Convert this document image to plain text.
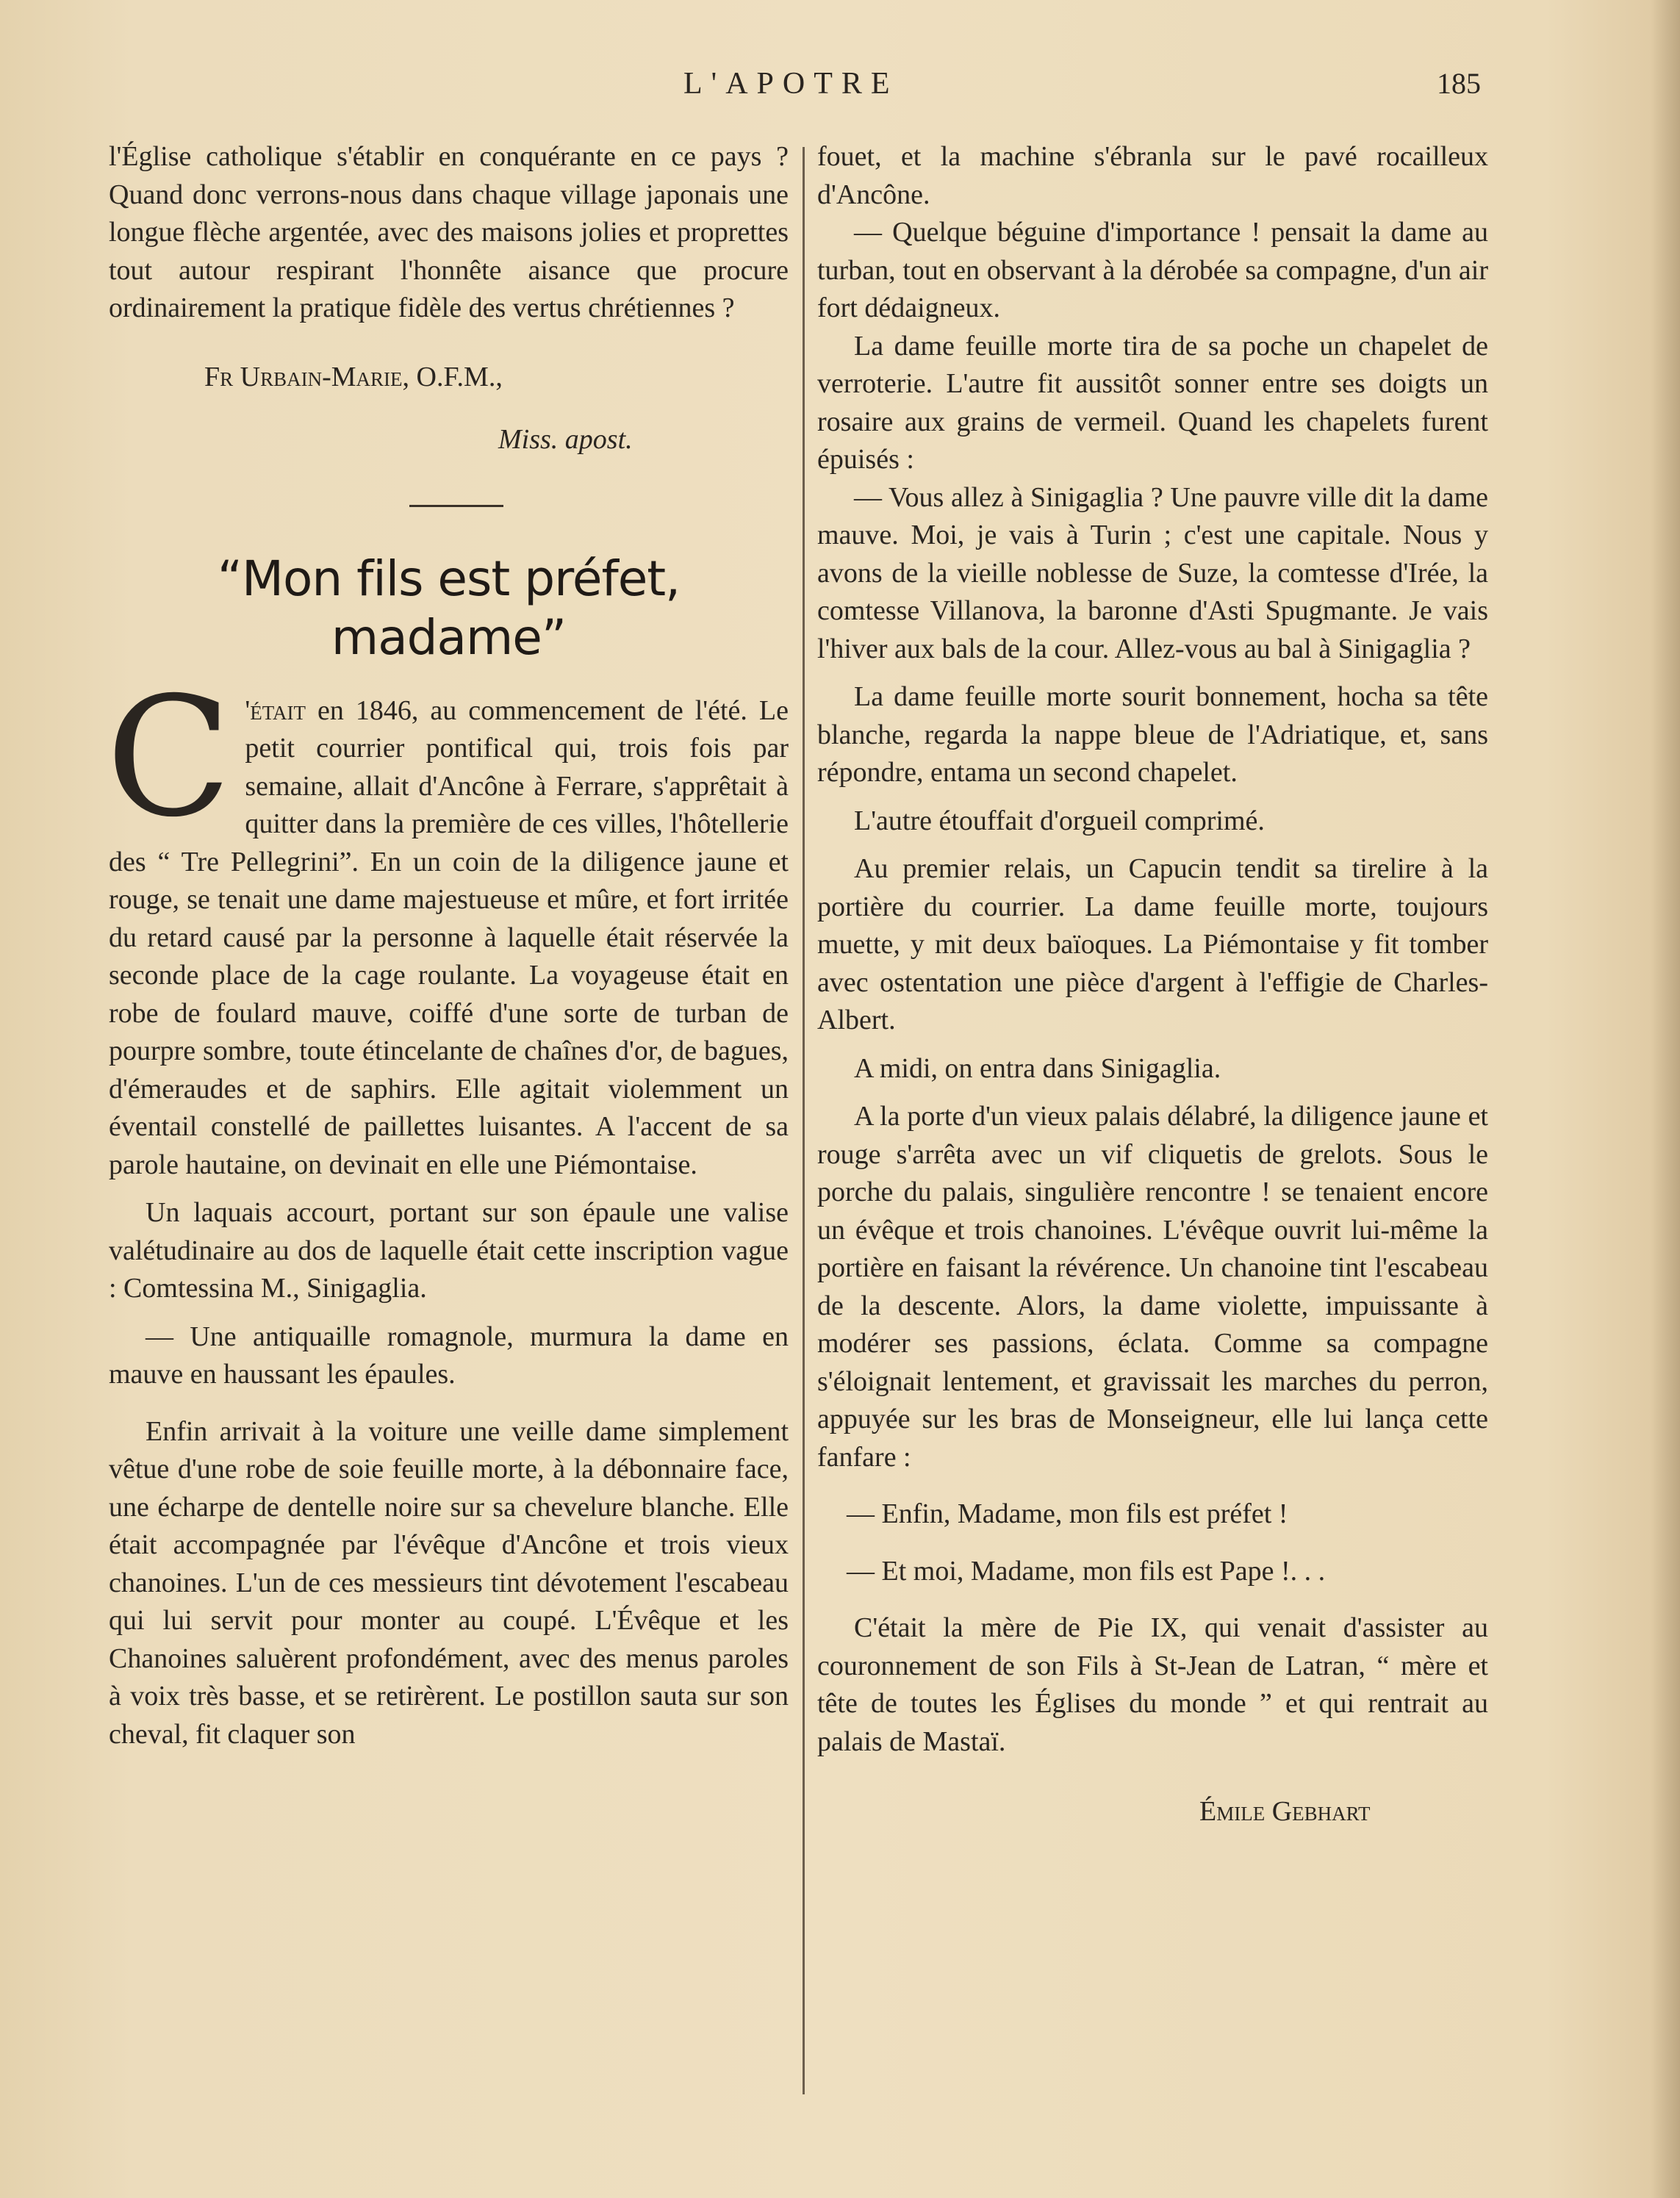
L'APOTRE	185

l'Église catholique s'établir en conquérante en ce pays ? Quand donc verrons-nous dans chaque village japonais une longue flèche argentée, avec des maisons jolies et proprettes tout autour respirant l'honnête aisance que procure ordinairement la pratique fidèle des vertus chrétiennes ?

Fr Urbain-Marie, O.F.M.,

Miss. apost.

“Mon fils est préfet, madame”

C 'était en 1846, au commencement de l'été. Le petit courrier pontifical qui, trois fois par semaine, allait d'Ancône à Ferrare, s'apprêtait à quitter dans la première de ces villes, l'hôtellerie des “ Tre Pellegrini”. En un coin de la diligence jaune et rouge, se tenait une dame majestueuse et mûre, et fort irritée du retard causé par la personne à laquelle était réservée la seconde place de la cage roulante. La voyageuse était en robe de foulard mauve, coiffé d'une sorte de turban de pourpre sombre, toute étincelante de chaînes d'or, de bagues, d'émeraudes et de saphirs. Elle agitait violemment un éventail constellé de paillettes luisantes. A l'accent de sa parole hautaine, on devinait en elle une Piémontaise.

Un laquais accourt, portant sur son épaule une valise valétudinaire au dos de laquelle était cette inscription vague : Comtessina M., Sinigaglia.

— Une antiquaille romagnole, murmura la dame en mauve en haussant les épaules.

Enfin arrivait à la voiture une veille dame simplement vêtue d'une robe de soie feuille morte, à la débonnaire face, une écharpe de dentelle noire sur sa chevelure blanche. Elle était accompagnée par l'évêque d'Ancône et trois vieux chanoines. L'un de ces messieurs tint dévotement l'escabeau qui lui servit pour monter au coupé. L'Évêque et les Chanoines saluèrent profondément, avec des menus paroles à voix très basse, et se retirèrent. Le postillon sauta sur son cheval, fit claquer son

fouet, et la machine s'ébranla sur le pavé rocailleux d'Ancône.

— Quelque béguine d'importance ! pensait la dame au turban, tout en observant à la dérobée sa compagne, d'un air fort dédaigneux.

La dame feuille morte tira de sa poche un chapelet de verroterie. L'autre fit aussitôt sonner entre ses doigts un rosaire aux grains de vermeil. Quand les chapelets furent épuisés :

— Vous allez à Sinigaglia ? Une pauvre ville dit la dame mauve. Moi, je vais à Turin ; c'est une capitale. Nous y avons de la vieille noblesse de Suze, la comtesse d'Irée, la comtesse Villanova, la baronne d'Asti Spugmante. Je vais l'hiver aux bals de la cour. Allez-vous au bal à Sinigaglia ?

La dame feuille morte sourit bonnement, hocha sa tête blanche, regarda la nappe bleue de l'Adriatique, et, sans répondre, entama un second chapelet.

L'autre étouffait d'orgueil comprimé.

Au premier relais, un Capucin tendit sa tirelire à la portière du courrier. La dame feuille morte, toujours muette, y mit deux baïoques. La Piémontaise y fit tomber avec ostentation une pièce d'argent à l'effigie de Charles-Albert.

A midi, on entra dans Sinigaglia.

A la porte d'un vieux palais délabré, la diligence jaune et rouge s'arrêta avec un vif cliquetis de grelots. Sous le porche du palais, singulière rencontre ! se tenaient encore un évêque et trois chanoines. L'évêque ouvrit lui-même la portière en faisant la révérence. Un chanoine tint l'escabeau de la descente. Alors, la dame violette, impuissante à modérer ses passions, éclata. Comme sa compagne s'éloignait lentement, et gravissait les marches du perron, appuyée sur les bras de Monseigneur, elle lui lança cette fanfare :

— Enfin, Madame, mon fils est préfet !

— Et moi, Madame, mon fils est Pape !. . .

C'était la mère de Pie IX, qui venait d'assister au couronnement de son Fils à St-Jean de Latran, “ mère et tête de toutes les Églises du monde ” et qui rentrait au palais de Mastaï.

Émile Gebhart
